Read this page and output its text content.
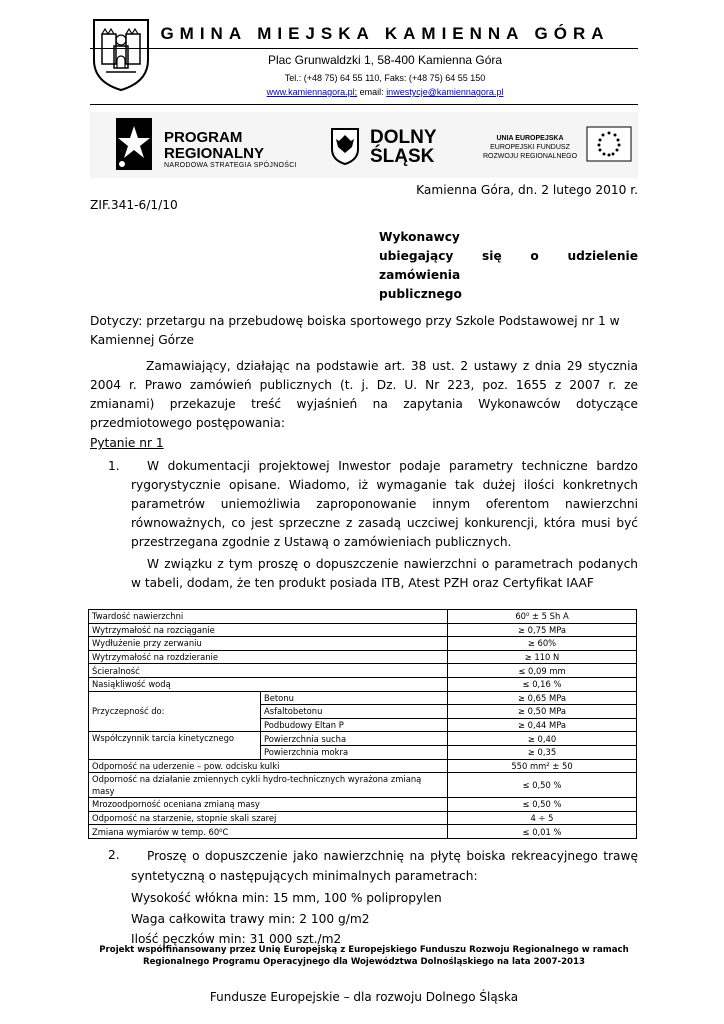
GMINA MIEJSKA KAMIENNA GÓRA
Plac Grunwaldzki 1, 58-400 Kamienna Góra
Tel.: (+48 75) 64 55 110, Faks: (+48 75) 64 55 150
www.kamiennagora.pl; email: inwestycje@kamiennagora.pl
PROGRAM
REGIONALNY
NARODOWA STRATEGIA SPÓJNOŚCI
DOLNY
ŚLĄSK
UNIA EUROPEJSKA
EUROPEJSKI FUNDUSZ
ROZWOJU REGIONALNEGO
Kamienna Góra, dn. 2 lutego 2010 r.
ZIF.341-6/1/10
Wykonawcy
ubiegający się o udzielenie zamówienia
publicznego
Dotyczy: przetargu na przebudowę boiska sportowego przy Szkole Podstawowej nr 1 w Kamiennej Górze
Zamawiający, działając na podstawie art. 38 ust. 2 ustawy z dnia 29 stycznia 2004 r. Prawo zamówień publicznych (t. j. Dz. U. Nr 223, poz. 1655 z 2007 r. ze zmianami) przekazuje treść wyjaśnień na zapytania Wykonawców dotyczące przedmiotowego postępowania:
Pytanie nr 1
1.	W dokumentacji projektowej Inwestor podaje parametry techniczne bardzo rygorystycznie opisane. Wiadomo, iż wymaganie tak dużej ilości konkretnych parametrów uniemożliwia zaproponowanie innym oferentom nawierzchni równoważnych, co jest sprzeczne z zasadą uczciwej konkurencji, która musi być przestrzegana zgodnie z Ustawą o zamówieniach publicznych.

W związku z tym proszę o dopuszczenie nawierzchni o parametrach podanych w tabeli, dodam, że ten produkt posiada ITB, Atest PZH oraz Certyfikat IAAF

Twardość nawierzchni		60⁰ ± 5 Sh A
Wytrzymałość na rozciąganie		≥ 0,75 MPa
Wydłużenie przy zerwaniu		≥ 60%
Wytrzymałość na rozdzieranie		≥ 110 N
Ścieralność		≤ 0,09 mm
Nasiąkliwość wodą		≤ 0,16 %
Przyczepność do:	Betonu	≥ 0,65 MPa
	Asfaltobetonu	≥ 0,50 MPa
	Podbudowy Eltan P	≥ 0,44 MPa
Współczynnik tarcia kinetycznego	Powierzchnia sucha	≥ 0,40
	Powierzchnia mokra	≥ 0,35
Odporność na uderzenie – pow. odcisku kulki		550 mm² ± 50
Odporność na działanie zmiennych cykli hydro-technicznych wyrażona zmianą masy		≤ 0,50 %
Mrozoodporność oceniana zmianą masy		≤ 0,50 %
Odporność na starzenie, stopnie skali szarej		4 ÷ 5
Zmiana wymiarów w temp. 60⁰C		≤ 0,01 %
2.	Proszę o dopuszczenie jako nawierzchnię na płytę boiska rekreacyjnego trawę syntetyczną o następujących minimalnych parametrach:
Wysokość włókna min: 15 mm, 100 % polipropylen
Waga całkowita trawy min: 2 100 g/m2
Ilość pęczków min: 31 000 szt./m2
Projekt współfinansowany przez Unię Europejską z Europejskiego Funduszu Rozwoju Regionalnego w ramach Regionalnego Programu Operacyjnego dla Województwa Dolnośląskiego na lata 2007-2013
Fundusze Europejskie – dla rozwoju Dolnego Śląska
